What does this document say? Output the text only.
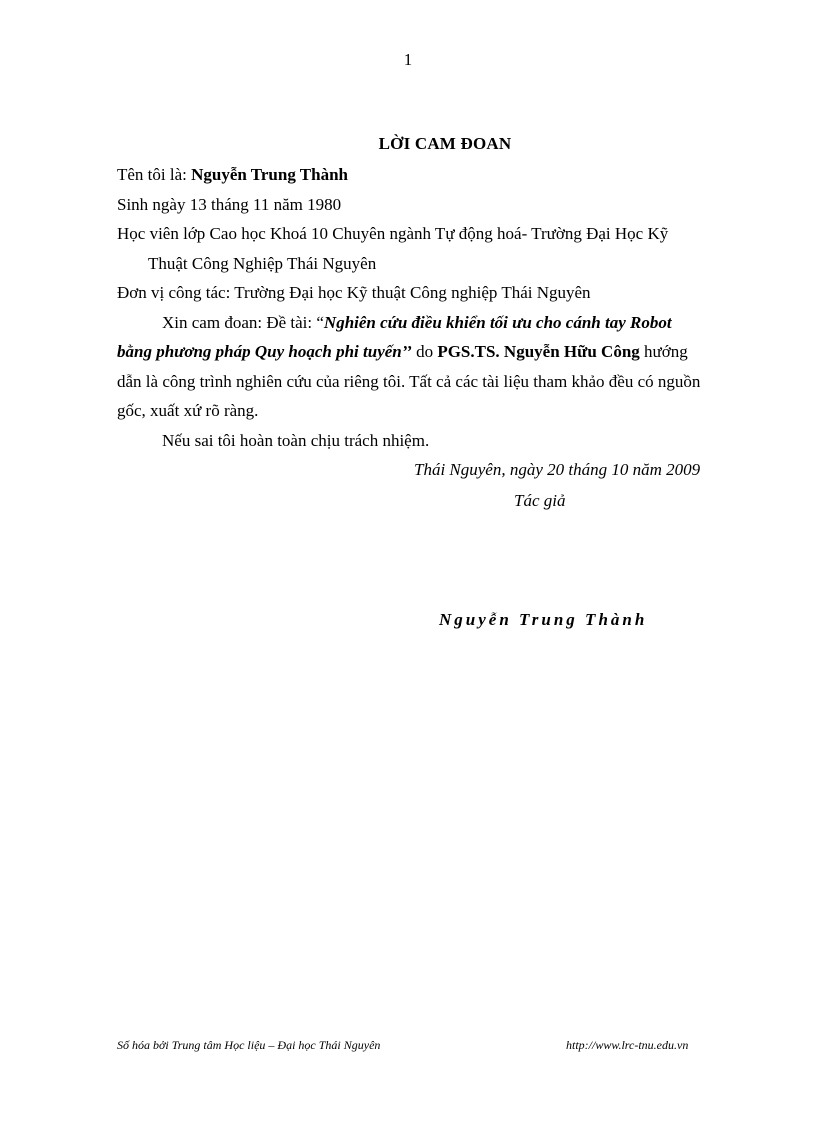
1
LỜI CAM ĐOAN
Tên tôi là: Nguyễn Trung Thành
Sinh ngày 13 tháng 11 năm 1980
Học viên lớp Cao học Khoá 10 Chuyên ngành Tự động hoá- Trường Đại Học Kỹ
Thuật Công Nghiệp Thái Nguyên
Đơn vị công tác: Trường Đại học Kỹ thuật Công nghiệp Thái Nguyên
Xin cam đoan: Đề tài: “Nghiên cứu điều khiển tối ưu cho cánh tay Robot
bằng phương pháp Quy hoạch phi tuyến’’ do PGS.TS. Nguyễn Hữu Công hướng
dẫn là công trình nghiên cứu của riêng tôi. Tất cả các tài liệu tham khảo đều có nguồn
gốc, xuất xứ rõ ràng.
Nếu sai tôi hoàn toàn chịu trách nhiệm.
Thái Nguyên, ngày 20 tháng 10 năm 2009
Tác giả
Nguyễn Trung Thành
Số hóa bởi Trung tâm Học liệu – Đại học Thái Nguyên	http://www.lrc-tnu.edu.vn
